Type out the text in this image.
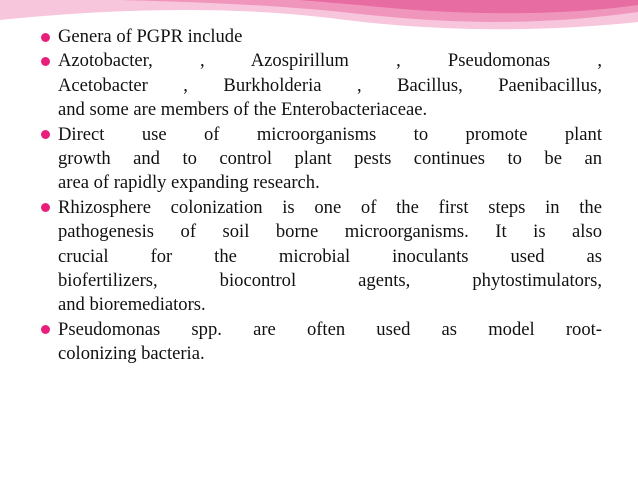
Genera of PGPR include
Azotobacter, , Azospirillum , Pseudomonas ,
Acetobacter , Burkholderia , Bacillus, Paenibacillus,
and some are members of the Enterobacteriaceae.
Direct use of microorganisms to promote plant
growth and to control plant pests continues to be an
area of rapidly expanding research.
Rhizosphere colonization is one of the first steps in the
pathogenesis of soil borne microorganisms. It is also
crucial for the microbial inoculants used as
biofertilizers, biocontrol agents, phytostimulators,
and bioremediators.
Pseudomonas spp. are often used as model root-
colonizing bacteria.
